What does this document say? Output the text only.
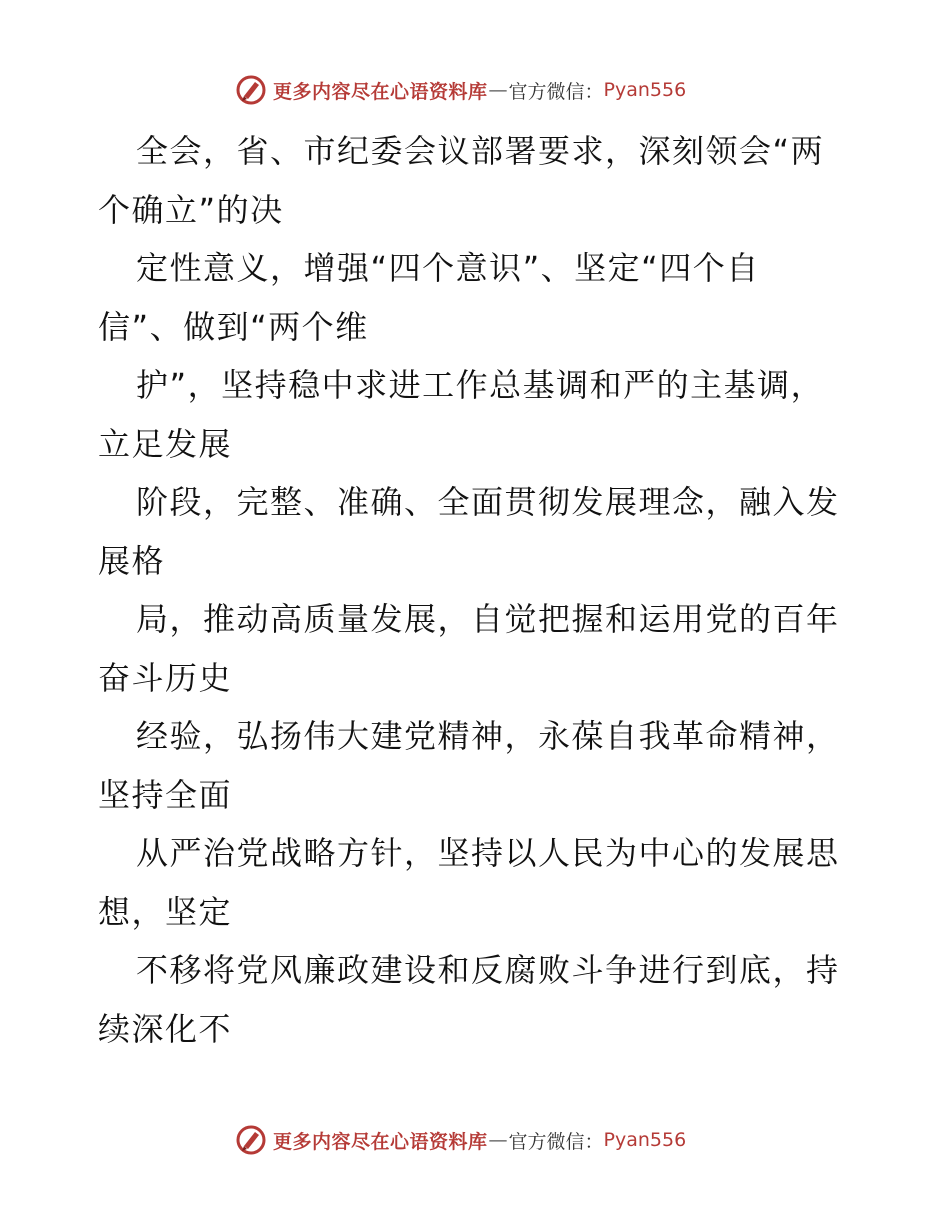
更多内容尽在心语资料库 — 官方微信： Pyan556
全会，省、市纪委会议部署要求，深刻领会“两
个确立”的决
定性意义，增强“四个意识”、坚定“四个自
信”、做到“两个维
护”，坚持稳中求进工作总基调和严的主基调，
立足发展
阶段，完整、准确、全面贯彻发展理念，融入发
展格
局，推动高质量发展，自觉把握和运用党的百年
奋斗历史
经验，弘扬伟大建党精神，永葆自我革命精神，
坚持全面
从严治党战略方针，坚持以人民为中心的发展思
想，坚定
不移将党风廉政建设和反腐败斗争进行到底，持
续深化不
更多内容尽在心语资料库 — 官方微信： Pyan556
